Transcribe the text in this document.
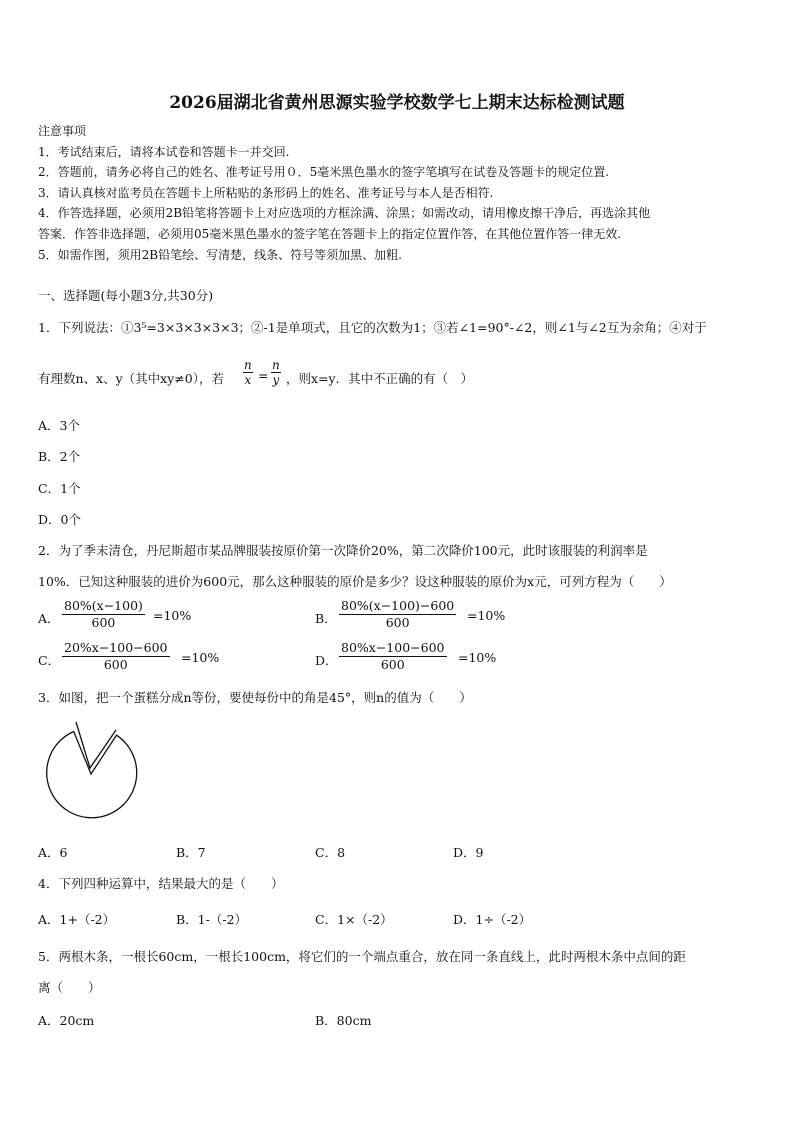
2026届湖北省黄州思源实验学校数学七上期末达标检测试题
注意事项
1．考试结束后，请将本试卷和答题卡一并交回.
2．答题前，请务必将自己的姓名、准考证号用０．5毫米黑色墨水的签字笔填写在试卷及答题卡的规定位置.
3．请认真核对监考员在答题卡上所粘贴的条形码上的姓名、准考证号与本人是否相符.
4．作答选择题，必须用2B铅笔将答题卡上对应选项的方框涂满、涂黑；如需改动，请用橡皮擦干净后，再选涂其他
答案．作答非选择题，必须用05毫米黑色墨水的签字笔在答题卡上的指定位置作答，在其他位置作答一律无效.
5．如需作图，须用2B铅笔绘、写清楚，线条、符号等须加黑、加粗.
一、选择题(每小题3分,共30分)
1．下列说法：①3⁵=3×3×3×3×3；②-1是单项式，且它的次数为1；③若∠1=90°-∠2，则∠1与∠2互为余角；④对于
有理数n、x、y（其中xy≠0），若 $\frac{n}{x} = \frac{n}{y}$ ，则x=y．其中不正确的有（　）
A．3个
B．2个
C．1个
D．0个
2．为了季末清仓，丹尼斯超市某品牌服装按原价第一次降价20%，第二次降价100元，此时该服装的利润率是
10%．已知这种服装的进价为600元，那么这种服装的原价是多少？设这种服装的原价为x元，可列方程为（　　）
A． $\frac{80\%(x-100)}{600} =10\%$	B． $\frac{80\%(x-100)-600}{600} =10\%$
C． $\frac{20\%x-100-600}{600} =10\%$	D． $\frac{80\%x-100-600}{600} =10\%$
3．如图，把一个蛋糕分成n等份，要使每份中的角是45°，则n的值为（　　）
A．6	B．7	C．8	D．9
4．下列四种运算中，结果最大的是（　　）
A．1+（-2）	B．1-（-2）	C．1×（-2）	D．1÷（-2）
5．两根木条，一根长60cm，一根长100cm，将它们的一个端点重合，放在同一条直线上，此时两根木条中点间的距
离（　　）
A．20cm	B．80cm
